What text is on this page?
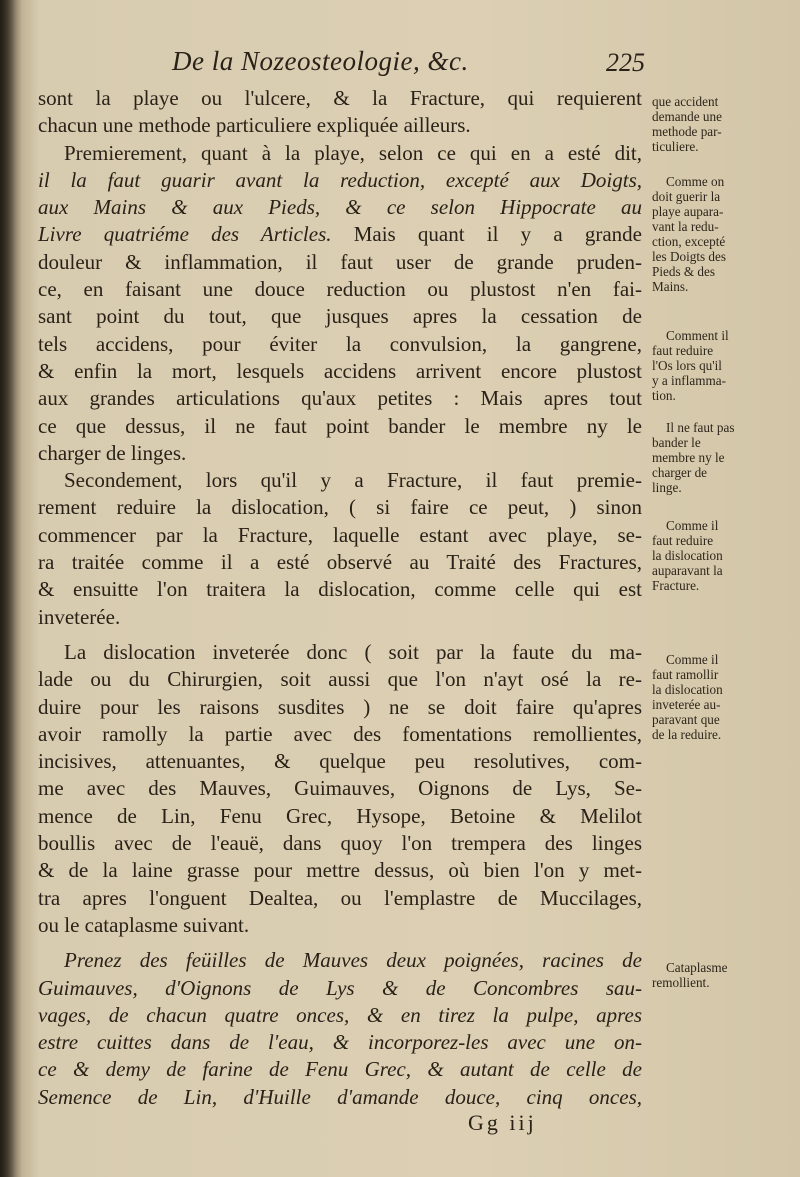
De la Nozeosteologie, &c.	225

sont la playe ou l'ulcere, & la Fracture, qui requierent

chacun une methode particuliere expliquée ailleurs.

Premierement, quant à la playe, selon ce qui en a esté dit,

il la faut guarir avant la reduction, excepté aux Doigts,

aux Mains & aux Pieds, & ce selon Hippocrate au

Livre quatriéme des Articles. Mais quant il y a grande

douleur & inflammation, il faut user de grande pruden-

ce, en faisant une douce reduction ou plustost n'en fai-

sant point du tout, que jusques apres la cessation de

tels accidens, pour éviter la convulsion, la gangrene,

& enfin la mort, lesquels accidens arrivent encore plustost

aux grandes articulations qu'aux petites : Mais apres tout

ce que dessus, il ne faut point bander le membre ny le

charger de linges.

Secondement, lors qu'il y a Fracture, il faut premie-

rement reduire la dislocation, ( si faire ce peut, ) sinon

commencer par la Fracture, laquelle estant avec playe, se-

ra traitée comme il a esté observé au Traité des Fractures,

& ensuitte l'on traitera la dislocation, comme celle qui est

inveterée.

La dislocation inveterée donc ( soit par la faute du ma-

lade ou du Chirurgien, soit aussi que l'on n'ayt osé la re-

duire pour les raisons susdites ) ne se doit faire qu'apres

avoir ramolly la partie avec des fomentations remollientes,

incisives, attenuantes, & quelque peu resolutives, com-

me avec des Mauves, Guimauves, Oignons de Lys, Se-

mence de Lin, Fenu Grec, Hysope, Betoine & Melilot

boullis avec de l'eauë, dans quoy l'on trempera des linges

& de la laine grasse pour mettre dessus, où bien l'on y met-

tra apres l'onguent Dealtea, ou l'emplastre de Muccilages,

ou le cataplasme suivant.

Prenez des feüilles de Mauves deux poignées, racines de

Guimauves, d'Oignons de Lys & de Concombres sau-

vages, de chacun quatre onces, & en tirez la pulpe, apres

estre cuittes dans de l'eau, & incorporez-les avec une on-

ce & demy de farine de Fenu Grec, & autant de celle de

Semence de Lin, d'Huille d'amande douce, cinq onces,

que accident
demande une
methode par-
ticuliere.
Comme on
doit guerir la
playe aupara-
vant la redu-
ction, excepté
les Doigts des
Pieds & des
Mains.
Comment il
faut reduire
l'Os lors qu'il
y a inflamma-
tion.
Il ne faut pas
bander le
membre ny le
charger de
linge.
Comme il
faut reduire
la dislocation
auparavant la
Fracture.
Comme il
faut ramollir
la dislocation
inveterée au-
paravant que
de la reduire.
Cataplasme
remollient.
Gg iij
